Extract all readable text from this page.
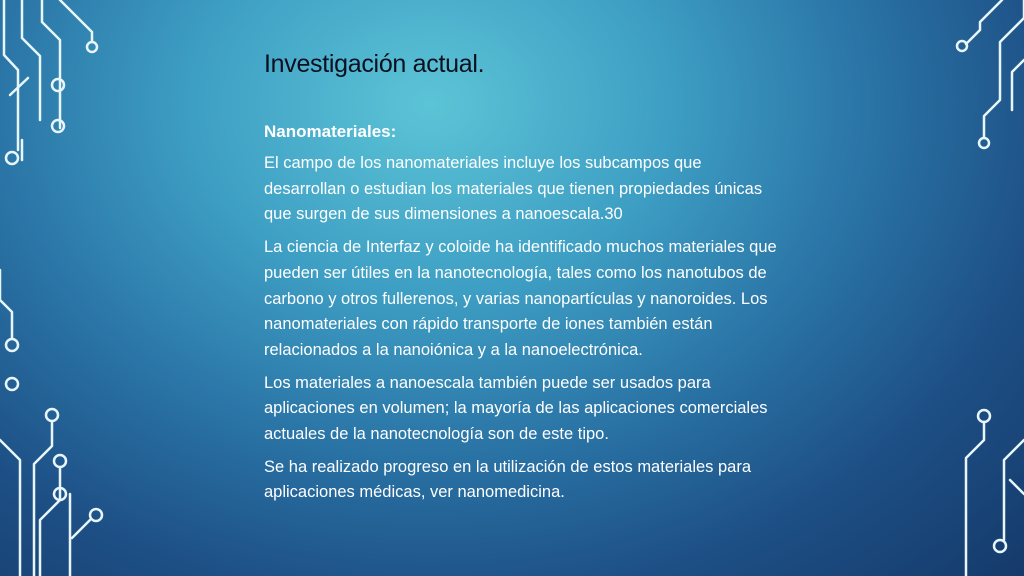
Investigación actual.
Nanomateriales:

El campo de los nanomateriales incluye los subcampos que desarrollan o estudian los materiales que tienen propiedades únicas que surgen de sus dimensiones a nanoescala.30

La ciencia de Interfaz y coloide ha identificado muchos materiales que pueden ser útiles en la nanotecnología, tales como los nanotubos de carbono y otros fullerenos, y varias nanopartículas y nanoroides. Los nanomateriales con rápido transporte de iones también están relacionados a la nanoiónica y a la nanoelectrónica.

Los materiales a nanoescala también puede ser usados para aplicaciones en volumen; la mayoría de las aplicaciones comerciales actuales de la nanotecnología son de este tipo.

Se ha realizado progreso en la utilización de estos materiales para aplicaciones médicas, ver nanomedicina.
